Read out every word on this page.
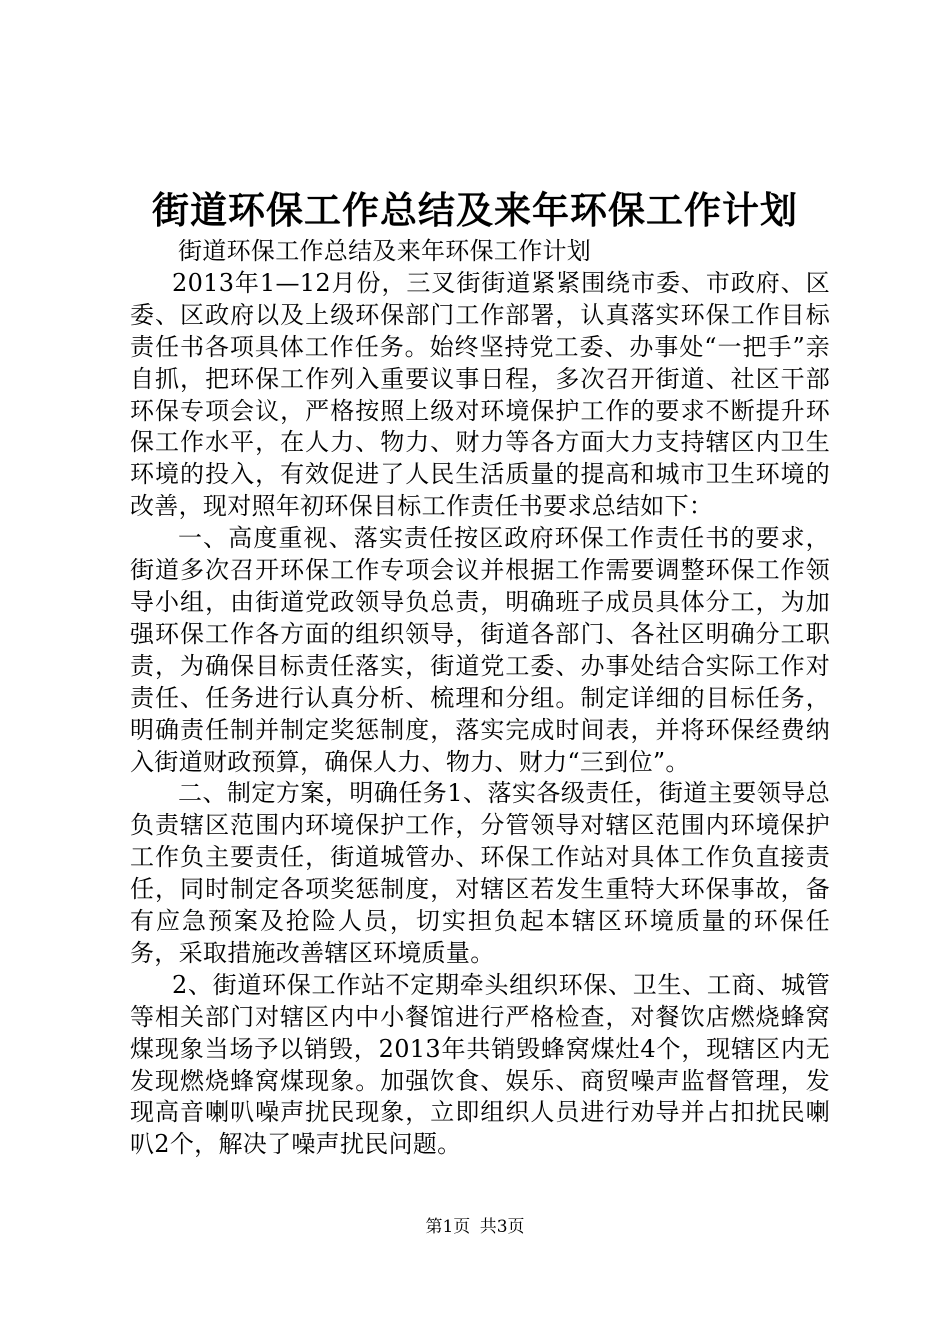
街道环保工作总结及来年环保工作计划

街道环保工作总结及来年环保工作计划

2013年1—12月份，三叉街街道紧紧围绕市委、市政府、区委、区政府以及上级环保部门工作部署，认真落实环保工作目标责任书各项具体工作任务。始终坚持党工委、办事处“一把手”亲自抓，把环保工作列入重要议事日程，多次召开街道、社区干部环保专项会议，严格按照上级对环境保护工作的要求不断提升环保工作水平，在人力、物力、财力等各方面大力支持辖区内卫生环境的投入，有效促进了人民生活质量的提高和城市卫生环境的改善，现对照年初环保目标工作责任书要求总结如下：

一、高度重视、落实责任按区政府环保工作责任书的要求，街道多次召开环保工作专项会议并根据工作需要调整环保工作领导小组，由街道党政领导负总责，明确班子成员具体分工，为加强环保工作各方面的组织领导，街道各部门、各社区明确分工职责，为确保目标责任落实，街道党工委、办事处结合实际工作对责任、任务进行认真分析、梳理和分组。制定详细的目标任务，明确责任制并制定奖惩制度，落实完成时间表，并将环保经费纳入街道财政预算，确保人力、物力、财力“三到位”。

二、制定方案，明确任务1、落实各级责任，街道主要领导总负责辖区范围内环境保护工作，分管领导对辖区范围内环境保护工作负主要责任，街道城管办、环保工作站对具体工作负直接责任，同时制定各项奖惩制度，对辖区若发生重特大环保事故，备有应急预案及抢险人员，切实担负起本辖区环境质量的环保任务，采取措施改善辖区环境质量。

2、街道环保工作站不定期牵头组织环保、卫生、工商、城管等相关部门对辖区内中小餐馆进行严格检查，对餐饮店燃烧蜂窝煤现象当场予以销毁，2013年共销毁蜂窝煤灶4个，现辖区内无发现燃烧蜂窝煤现象。加强饮食、娱乐、商贸噪声监督管理，发现高音喇叭噪声扰民现象，立即组织人员进行劝导并占扣扰民喇叭2个，解决了噪声扰民问题。

第1页 共3页
